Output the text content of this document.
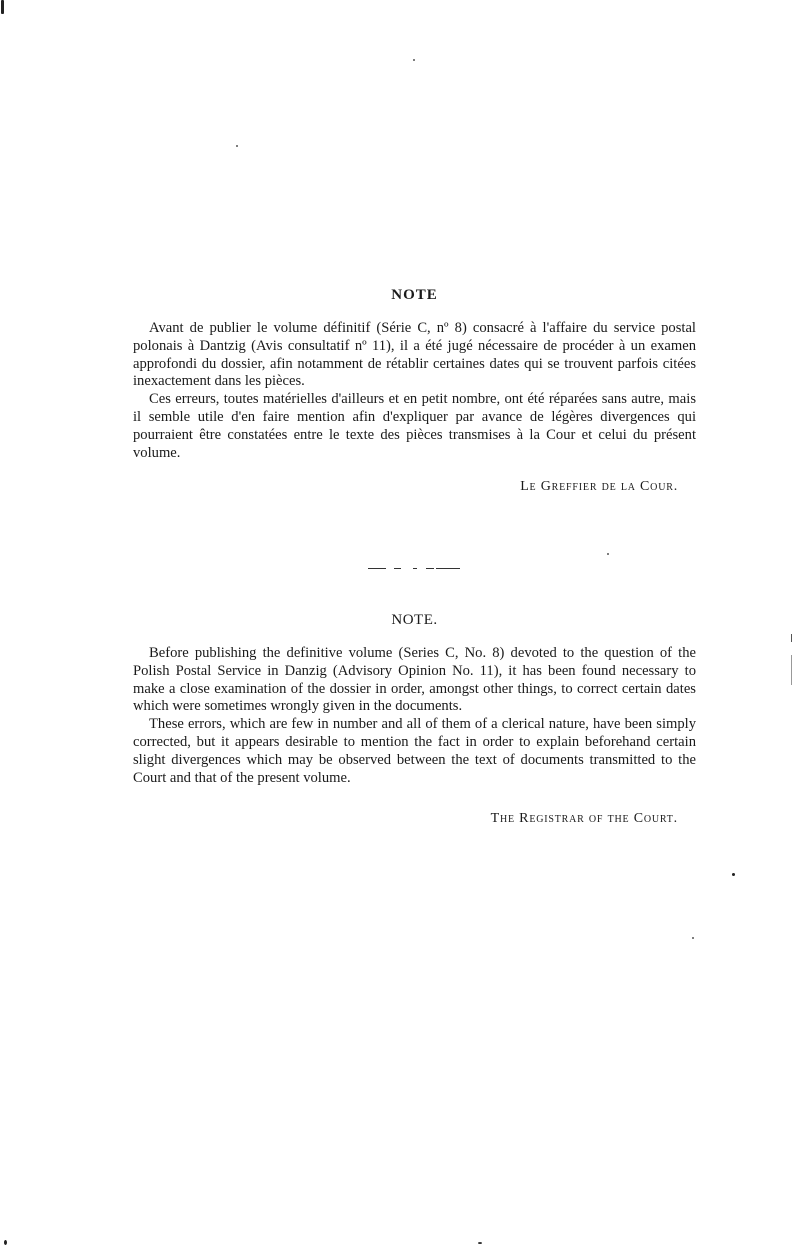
NOTE

Avant de publier le volume définitif (Série C, nº 8) consacré à l'affaire du service postal polonais à Dantzig (Avis consultatif nº 11), il a été jugé nécessaire de procéder à un examen approfondi du dossier, afin notamment de rétablir certaines dates qui se trouvent parfois citées inexactement dans les pièces.

Ces erreurs, toutes matérielles d'ailleurs et en petit nombre, ont été réparées sans autre, mais il semble utile d'en faire mention afin d'expliquer par avance de légères divergences qui pourraient être constatées entre le texte des pièces transmises à la Cour et celui du présent volume.

Le Greffier de la Cour.

NOTE.

Before publishing the definitive volume (Series C, No. 8) devoted to the question of the Polish Postal Service in Danzig (Advisory Opinion No. 11), it has been found necessary to make a close examination of the dossier in order, amongst other things, to correct certain dates which were sometimes wrongly given in the documents.

These errors, which are few in number and all of them of a clerical nature, have been simply corrected, but it appears desirable to mention the fact in order to explain beforehand certain slight divergences which may be observed between the text of documents transmitted to the Court and that of the present volume.

The Registrar of the Court.
